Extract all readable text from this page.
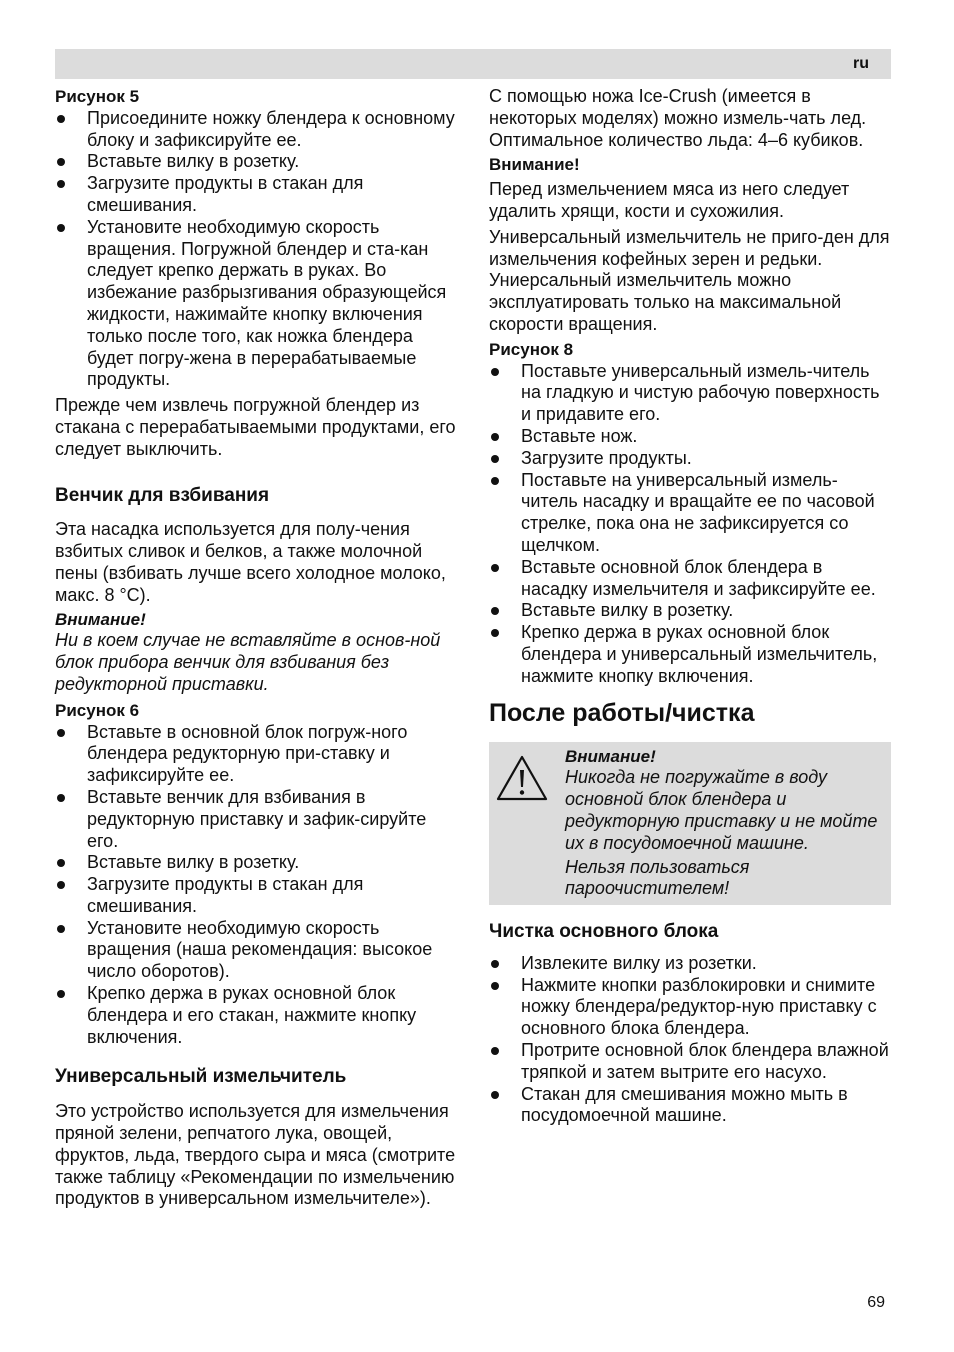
ru
Рисунок 5
Присоедините ножку блендера к основному блоку и зафиксируйте ее.
Вставьте вилку в розетку.
Загрузите продукты в стакан для смешивания.
Установите необходимую скорость вращения. Погружной блендер и ста-кан следует крепко держать в руках. Во избежание разбрызгивания образующейся жидкости, нажимайте кнопку включения только после того, как ножка блендера будет погру-жена в перерабатываемые продукты.

Прежде чем извлечь погружной блендер из стакана с перерабатываемыми продуктами, его следует выключить.

Венчик для взбивания

Эта насадка используется для полу-чения взбитых сливок и белков, а также молочной пены (взбивать лучше всего холодное молоко, макс. 8 °C).

Внимание!

Ни в коем случае не вставляйте в основ-ной блок прибора венчик для взбивания без редукторной приставки.

Рисунок 6
Вставьте в основной блок погруж-ного блендера редукторную при-ставку и зафиксируйте ее.
Вставьте венчик для взбивания в редукторную приставку и зафик-сируйте его.
Вставьте вилку в розетку.
Загрузите продукты в стакан для смешивания.
Установите необходимую скорость вращения (наша рекомендация: высокое число оборотов).
Крепко держа в руках основной блок блендера и его стакан, нажмите кнопку включения.
Универсальный измельчитель

Это устройство используется для измельчения пряной зелени, репчатого лука, овощей, фруктов, льда, твердого сыра и мяса (смотрите также таблицу «Рекомендации по измельчению продуктов в универсальном измельчителе»).

С помощью ножа Ice-Crush (имеется в некоторых моделях) можно измель-чать лед. Оптимальное количество льда: 4–6 кубиков.

Внимание!

Перед измельчением мяса из него следует удалить хрящи, кости и сухожилия.

Универсальный измельчитель не приго-ден для измельчения кофейных зерен и редьки. Униерсальный измельчитель можно эксплуатировать только на максимальной скорости вращения.

Рисунок 8
Поставьте универсальный измель-читель на гладкую и чистую рабочую поверхность и придавите его.
Вставьте нож.
Загрузите продукты.
Поставьте на универсальный измель-читель насадку и вращайте ее по часовой стрелке, пока она не зафиксируется со щелчком.
Вставьте основной блок блендера в насадку измельчителя и зафиксируйте ее.
Вставьте вилку в розетку.
Крепко держа в руках основной блок блендера и универсальный измельчитель, нажмите кнопку включения.
После работы/чистка
Внимание!

Никогда не погружайте в воду основной блок блендера и редукторную приставку и не мойте их в посудомоечной машине.

Нельзя пользоваться пароочистителем!

Чистка основного блока
Извлеките вилку из розетки.
Нажмите кнопки разблокировки и снимите ножку блендера/редуктор-ную приставку с основного блока блендера.
Протрите основной блок блендера влажной тряпкой и затем вытрите его насухо.
Стакан для смешивания можно мыть в посудомоечной машине.
69
